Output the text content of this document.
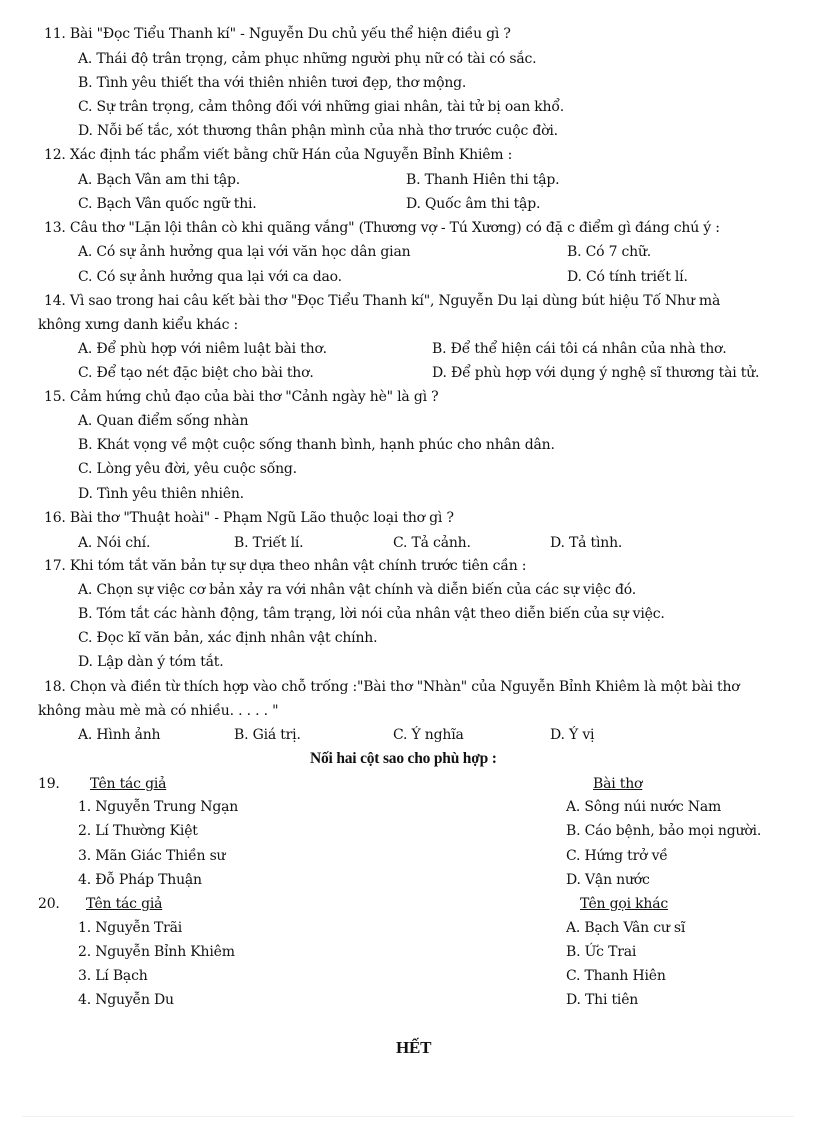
11. Bài "Đọc Tiểu Thanh kí" - Nguyễn Du chủ yếu thể hiện điều gì ?
A. Thái độ trân trọng, cảm phục những người phụ nữ có tài có sắc.
B. Tình yêu thiết tha với thiên nhiên tươi đẹp, thơ mộng.
C. Sự trân trọng, cảm thông đối với những giai nhân, tài tử bị oan khổ.
D. Nỗi bế tắc, xót thương thân phận mình của nhà thơ trước cuộc đời.
12. Xác định tác phẩm viết bằng chữ Hán của Nguyễn Bỉnh Khiêm :
A. Bạch Vân am thi tập.	B. Thanh Hiên thi tập.
C. Bạch Vân quốc ngữ thi.	D. Quốc âm thi tập.
13. Câu thơ "Lặn lội thân cò khi quãng vắng" (Thương vợ - Tú Xương) có đặ c điểm gì đáng chú ý :
A. Có sự ảnh hưởng qua lại với văn học dân gian	B. Có 7 chữ.
C. Có sự ảnh hưởng qua lại với ca dao.	D. Có tính triết lí.
14. Vì sao trong hai câu kết bài thơ "Đọc Tiểu Thanh kí", Nguyễn Du lại dùng bút hiệu Tố Như mà
không xưng danh kiểu khác :
A. Để phù hợp với niêm luật bài thơ.	B. Để thể hiện cái tôi cá nhân của nhà thơ.
C. Để tạo nét đặc biệt cho bài thơ.	D. Để phù hợp với dụng ý nghệ sĩ thương tài tử.
15. Cảm hứng chủ đạo của bài thơ "Cảnh ngày hè" là gì ?
A. Quan điểm sống nhàn
B. Khát vọng về một cuộc sống thanh bình, hạnh phúc cho nhân dân.
C. Lòng yêu đời, yêu cuộc sống.
D. Tình yêu thiên nhiên.
16. Bài thơ "Thuật hoài" - Phạm Ngũ Lão thuộc loại thơ gì ?
A. Nói chí.	B. Triết lí.	C. Tả cảnh.	D. Tả tình.
17. Khi tóm tắt văn bản tự sự dựa theo nhân vật chính trước tiên cần :
A. Chọn sự việc cơ bản xảy ra với nhân vật chính và diễn biến của các sự việc đó.
B. Tóm tắt các hành động, tâm trạng, lời nói của nhân vật theo diễn biến của sự việc.
C. Đọc kĩ văn bản, xác định nhân vật chính.
D. Lập dàn ý tóm tắt.
18. Chọn và điền từ thích hợp vào chỗ trống :"Bài thơ "Nhàn" của Nguyễn Bỉnh Khiêm là một bài thơ
không màu mè mà có nhiều. . . . . "
A. Hình ảnh	B. Giá trị.	C. Ý nghĩa	D. Ý vị
Nối hai cột sao cho phù hợp :
19. Tên tác giả	Bài thơ
1. Nguyễn Trung Ngạn	A. Sông núi nước Nam
2. Lí Thường Kiệt	B. Cáo bệnh, bảo mọi người.
3. Mãn Giác Thiền sư	C. Hứng trở về
4. Đỗ Pháp Thuận	D. Vận nước
20. Tên tác giả	Tên gọi khác
1. Nguyễn Trãi	A. Bạch Vân cư sĩ
2. Nguyễn Bỉnh Khiêm	B. Ức Trai
3. Lí Bạch	C. Thanh Hiên
4. Nguyễn Du	D. Thi tiên
HẾT
